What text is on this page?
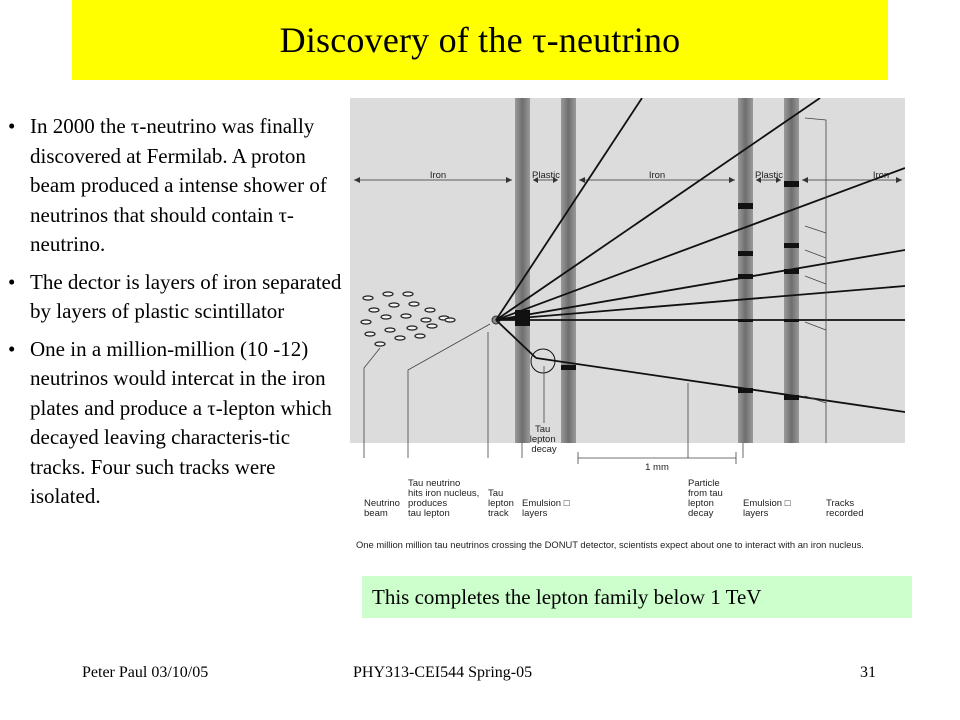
Discovery of the τ-neutrino
• In 2000 the τ-neutrino was finally discovered at Fermilab. A proton beam produced a intense shower of neutrinos that should contain τ-neutrino.
• The dector is layers of iron separated by layers of plastic scintillator
• One in a million-million (10 -12) neutrinos would intercat in the iron plates and produce a τ-lepton which decayed leaving characteris-tic tracks. Four such tracks were isolated.
Iron	Plastic	Iron	Plastic	Iron
1 mm
Tau lepton decay
Neutrino beam
Tau neutrino hits iron nucleus, produces tau lepton
Tau lepton track
Emulsion □ layers
Particle from tau lepton decay
Emulsion □ layers
Tracks recorded
One million million tau neutrinos crossing the DONUT detector, scientists expect about one to interact with an iron nucleus.
This completes the lepton family below 1 TeV
Peter Paul 03/10/05	PHY313-CEI544 Spring-05	31
